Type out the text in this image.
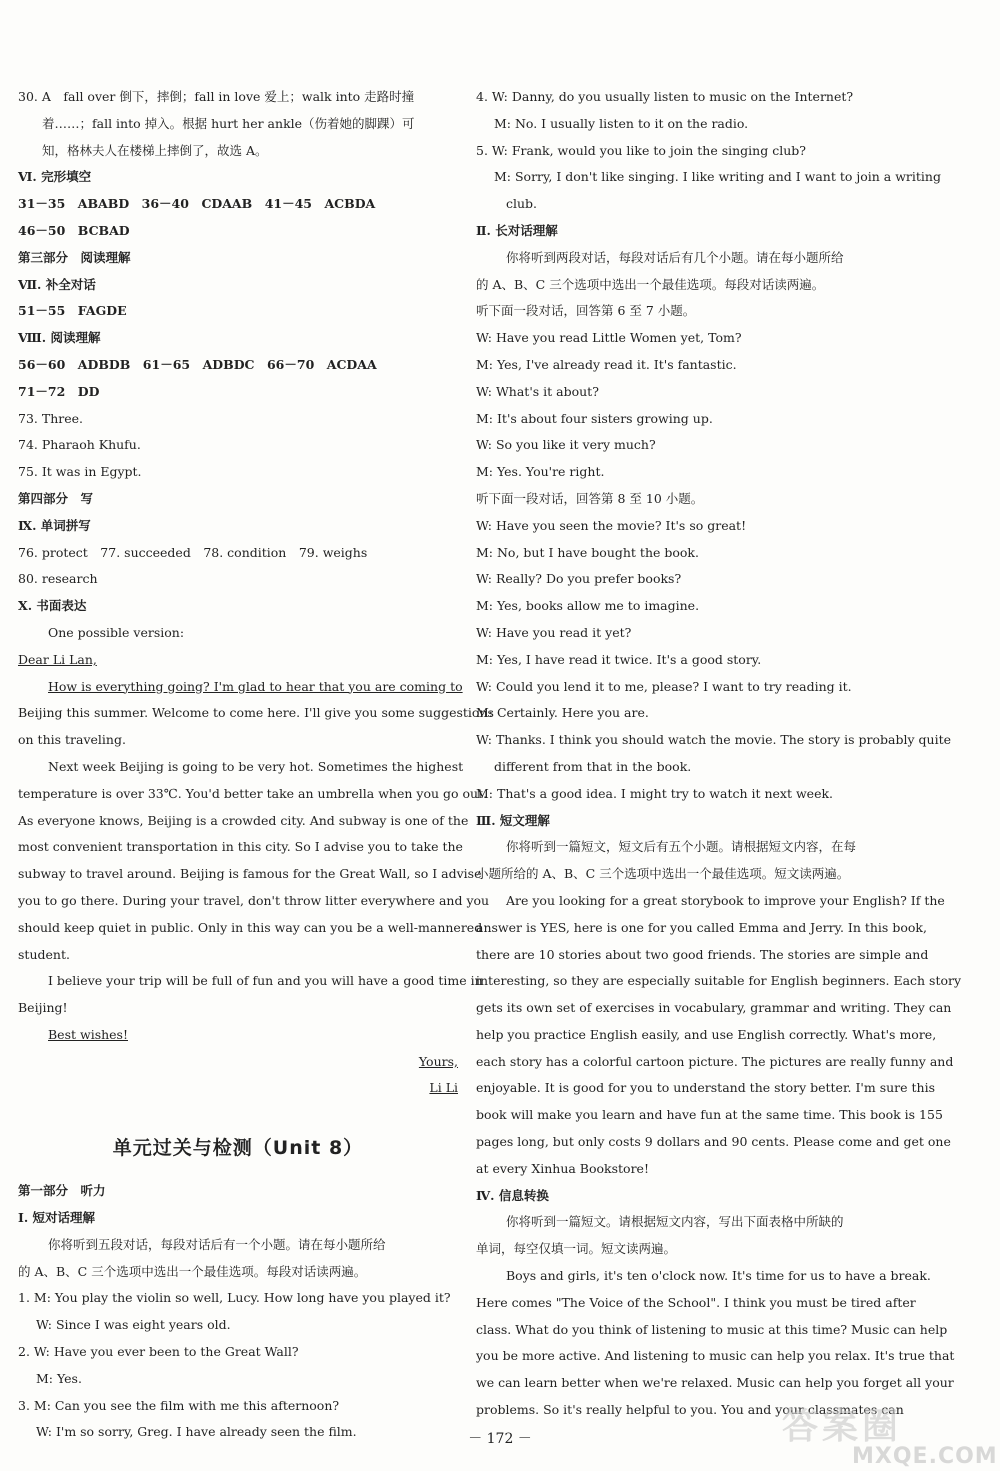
30. A　fall over 倒下，摔倒；fall in love 爱上；walk into 走路时撞
着……；fall into 掉入。根据 hurt her ankle（伤着她的脚踝）可
知，格林夫人在楼梯上摔倒了，故选 A。
Ⅵ. 完形填空
31－35　ABABD　36－40　CDAAB　41－45　ACBDA
46－50　BCBAD
第三部分　阅读理解
Ⅶ. 补全对话
51－55　FAGDE
Ⅷ. 阅读理解
56－60　ADBDB　61－65　ADBDC　66－70　ACDAA
71－72　DD
73. Three.
74. Pharaoh Khufu.
75. It was in Egypt.
第四部分　写
Ⅸ. 单词拼写
76. protect　77. succeeded　78. condition　79. weighs
80. research
Ⅹ. 书面表达
One possible version:
Dear Li Lan,
How is everything going? I'm glad to hear that you are coming to
Beijing this summer. Welcome to come here. I'll give you some suggestions
on this traveling.
Next week Beijing is going to be very hot. Sometimes the highest
temperature is over 33℃. You'd better take an umbrella when you go out.
As everyone knows, Beijing is a crowded city. And subway is one of the
most convenient transportation in this city. So I advise you to take the
subway to travel around. Beijing is famous for the Great Wall, so I advise
you to go there. During your travel, don't throw litter everywhere and you
should keep quiet in public. Only in this way can you be a well-mannered
student.
I believe your trip will be full of fun and you will have a good time in
Beijing!
Best wishes!
Yours,
Li Li
单元过关与检测（Unit 8）
第一部分　听力
Ⅰ. 短对话理解
你将听到五段对话，每段对话后有一个小题。请在每小题所给
的 A、B、C 三个选项中选出一个最佳选项。每段对话读两遍。
1. M: You play the violin so well, Lucy. How long have you played it?
W: Since I was eight years old.
2. W: Have you ever been to the Great Wall?
M: Yes.
3. M: Can you see the film with me this afternoon?
W: I'm so sorry, Greg. I have already seen the film.
4. W: Danny, do you usually listen to music on the Internet?
M: No. I usually listen to it on the radio.
5. W: Frank, would you like to join the singing club?
M: Sorry, I don't like singing. I like writing and I want to join a writing
club.
Ⅱ. 长对话理解
你将听到两段对话，每段对话后有几个小题。请在每小题所给
的 A、B、C 三个选项中选出一个最佳选项。每段对话读两遍。
听下面一段对话，回答第 6 至 7 小题。
W: Have you read Little Women yet, Tom?
M: Yes, I've already read it. It's fantastic.
W: What's it about?
M: It's about four sisters growing up.
W: So you like it very much?
M: Yes. You're right.
听下面一段对话，回答第 8 至 10 小题。
W: Have you seen the movie? It's so great!
M: No, but I have bought the book.
W: Really? Do you prefer books?
M: Yes, books allow me to imagine.
W: Have you read it yet?
M: Yes, I have read it twice. It's a good story.
W: Could you lend it to me, please? I want to try reading it.
M: Certainly. Here you are.
W: Thanks. I think you should watch the movie. The story is probably quite
different from that in the book.
M: That's a good idea. I might try to watch it next week.
Ⅲ. 短文理解
你将听到一篇短文，短文后有五个小题。请根据短文内容，在每
小题所给的 A、B、C 三个选项中选出一个最佳选项。短文读两遍。
Are you looking for a great storybook to improve your English? If the
answer is YES, here is one for you called Emma and Jerry. In this book,
there are 10 stories about two good friends. The stories are simple and
interesting, so they are especially suitable for English beginners. Each story
gets its own set of exercises in vocabulary, grammar and writing. They can
help you practice English easily, and use English correctly. What's more,
each story has a colorful cartoon picture. The pictures are really funny and
enjoyable. It is good for you to understand the story better. I'm sure this
book will make you learn and have fun at the same time. This book is 155
pages long, but only costs 9 dollars and 90 cents. Please come and get one
at every Xinhua Bookstore!
Ⅳ. 信息转换
你将听到一篇短文。请根据短文内容，写出下面表格中所缺的
单词，每空仅填一词。短文读两遍。
Boys and girls, it's ten o'clock now. It's time for us to have a break.
Here comes "The Voice of the School". I think you must be tired after
class. What do you think of listening to music at this time? Music can help
you be more active. And listening to music can help you relax. It's true that
we can learn better when we're relaxed. Music can help you forget all your
problems. So it's really helpful to you. You and your classmates can
－ 172 －	答案圈
MXQE.COM
